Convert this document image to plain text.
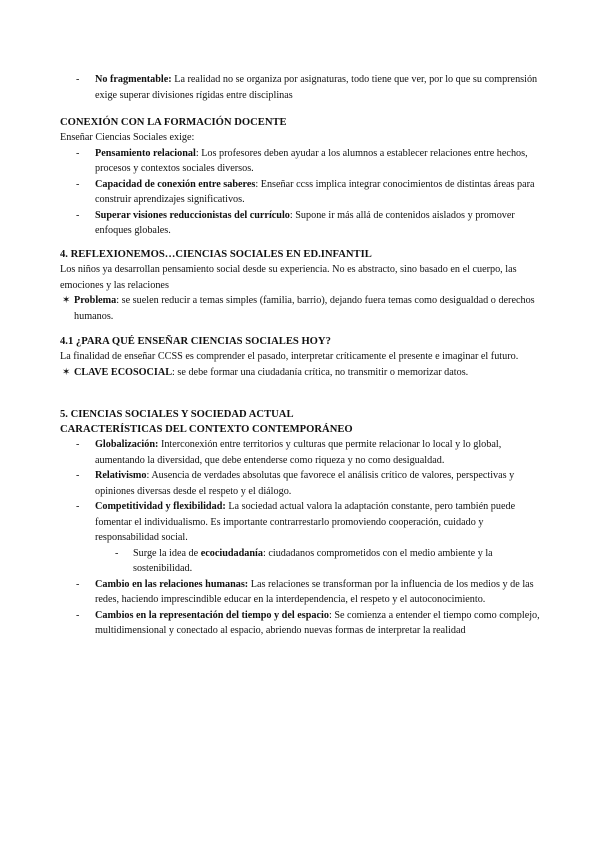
- No fragmentable: La realidad no se organiza por asignaturas, todo tiene que ver, por lo que su comprensión exige superar divisiones rígidas entre disciplinas

CONEXIÓN CON LA FORMACIÓN DOCENTE

Enseñar Ciencias Sociales exige:

- Pensamiento relacional: Los profesores deben ayudar a los alumnos a establecer relaciones entre hechos, procesos y contextos sociales diversos.
- Capacidad de conexión entre saberes: Enseñar ccss implica integrar conocimientos de distintas áreas para construir aprendizajes significativos.
- Superar visiones reduccionistas del currículo: Supone ir más allá de contenidos aislados y promover enfoques globales.

4. REFLEXIONEMOS…CIENCIAS SOCIALES EN ED.INFANTIL

Los niños ya desarrollan pensamiento social desde su experiencia. No es abstracto, sino basado en el cuerpo, las emociones y las relaciones

✶ Problema: se suelen reducir a temas simples (familia, barrio), dejando fuera temas como desigualdad o derechos humanos.

4.1 ¿PARA QUÉ ENSEÑAR CIENCIAS SOCIALES HOY?

La finalidad de enseñar CCSS es comprender el pasado, interpretar críticamente el presente e imaginar el futuro.

✶ CLAVE ECOSOCIAL: se debe formar una ciudadanía crítica, no transmitir o memorizar datos.

5. CIENCIAS SOCIALES Y SOCIEDAD ACTUAL

CARACTERÍSTICAS DEL CONTEXTO CONTEMPORÁNEO

- Globalización: Interconexión entre territorios y culturas que permite relacionar lo local y lo global, aumentando la diversidad, que debe entenderse como riqueza y no como desigualdad.
- Relativismo: Ausencia de verdades absolutas que favorece el análisis crítico de valores, perspectivas y opiniones diversas desde el respeto y el diálogo.
- Competitividad y flexibilidad: La sociedad actual valora la adaptación constante, pero también puede fomentar el individualismo. Es importante contrarrestarlo promoviendo cooperación, cuidado y responsabilidad social.
- Surge la idea de ecociudadanía: ciudadanos comprometidos con el medio ambiente y la sostenibilidad.
- Cambio en las relaciones humanas: Las relaciones se transforman por la influencia de los medios y de las redes, haciendo imprescindible educar en la interdependencia, el respeto y el autoconocimiento.
- Cambios en la representación del tiempo y del espacio: Se comienza a entender el tiempo como complejo, multidimensional y conectado al espacio, abriendo nuevas formas de interpretar la realidad
